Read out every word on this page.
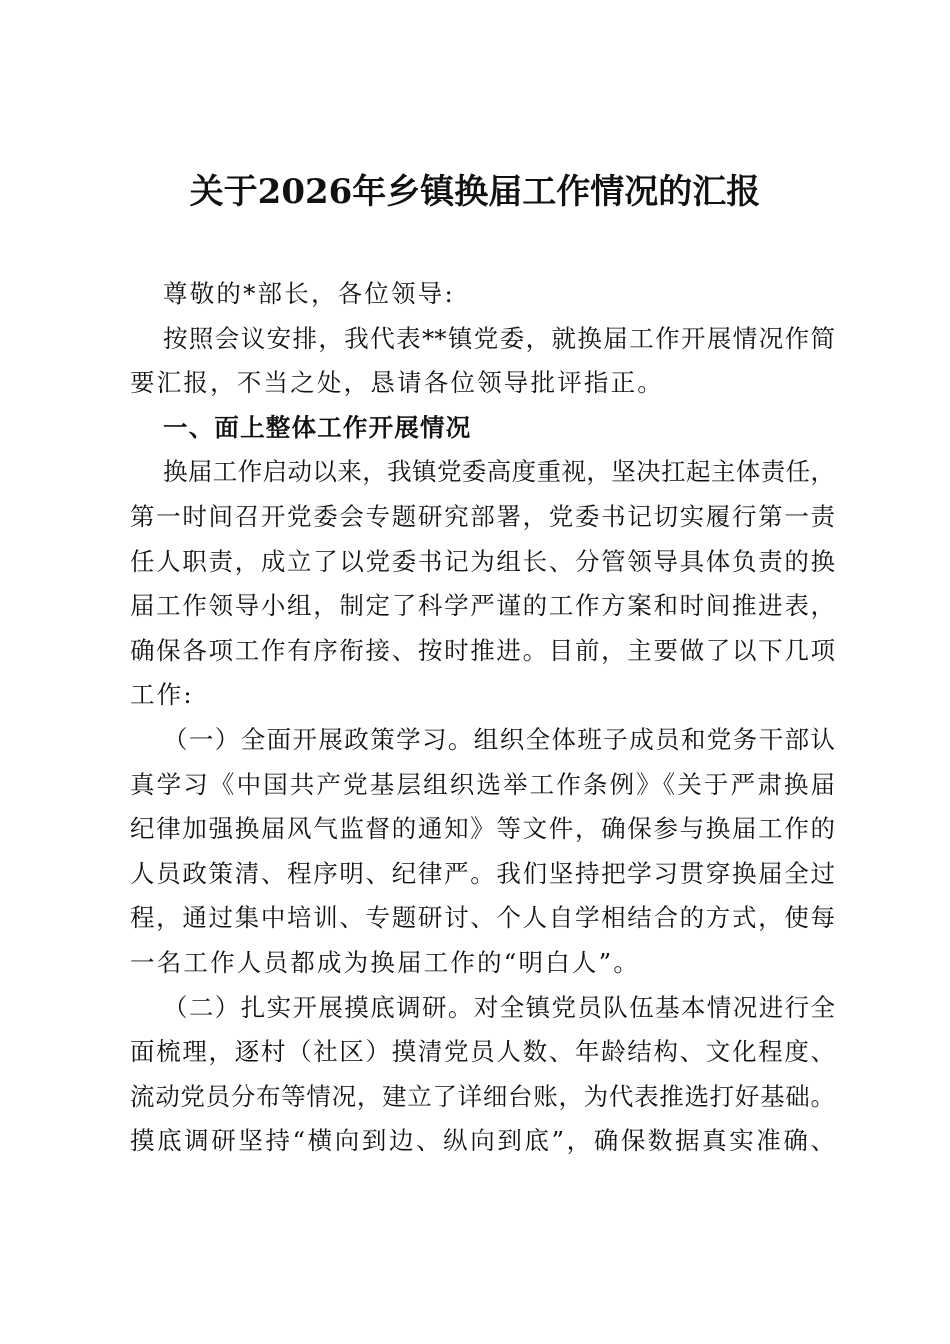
关于2026年乡镇换届工作情况的汇报

尊敬的*部长，各位领导:

按照会议安排，我代表**镇党委，就换届工作开展情况作简

要汇报，不当之处，恳请各位领导批评指正。

一、面上整体工作开展情况

换届工作启动以来，我镇党委高度重视，坚决扛起主体责任，

第一时间召开党委会专题研究部署，党委书记切实履行第一责

任人职责，成立了以党委书记为组长、分管领导具体负责的换

届工作领导小组，制定了科学严谨的工作方案和时间推进表，

确保各项工作有序衔接、按时推进。目前，主要做了以下几项

工作:

（一）全面开展政策学习。组织全体班子成员和党务干部认

真学习《中国共产党基层组织选举工作条例》《关于严肃换届

纪律加强换届风气监督的通知》等文件，确保参与换届工作的

人员政策清、程序明、纪律严。我们坚持把学习贯穿换届全过

程，通过集中培训、专题研讨、个人自学相结合的方式，使每

一名工作人员都成为换届工作的“明白人”。

（二）扎实开展摸底调研。对全镇党员队伍基本情况进行全

面梳理，逐村（社区）摸清党员人数、年龄结构、文化程度、

流动党员分布等情况，建立了详细台账，为代表推选打好基础。

摸底调研坚持“横向到边、纵向到底”，确保数据真实准确、
